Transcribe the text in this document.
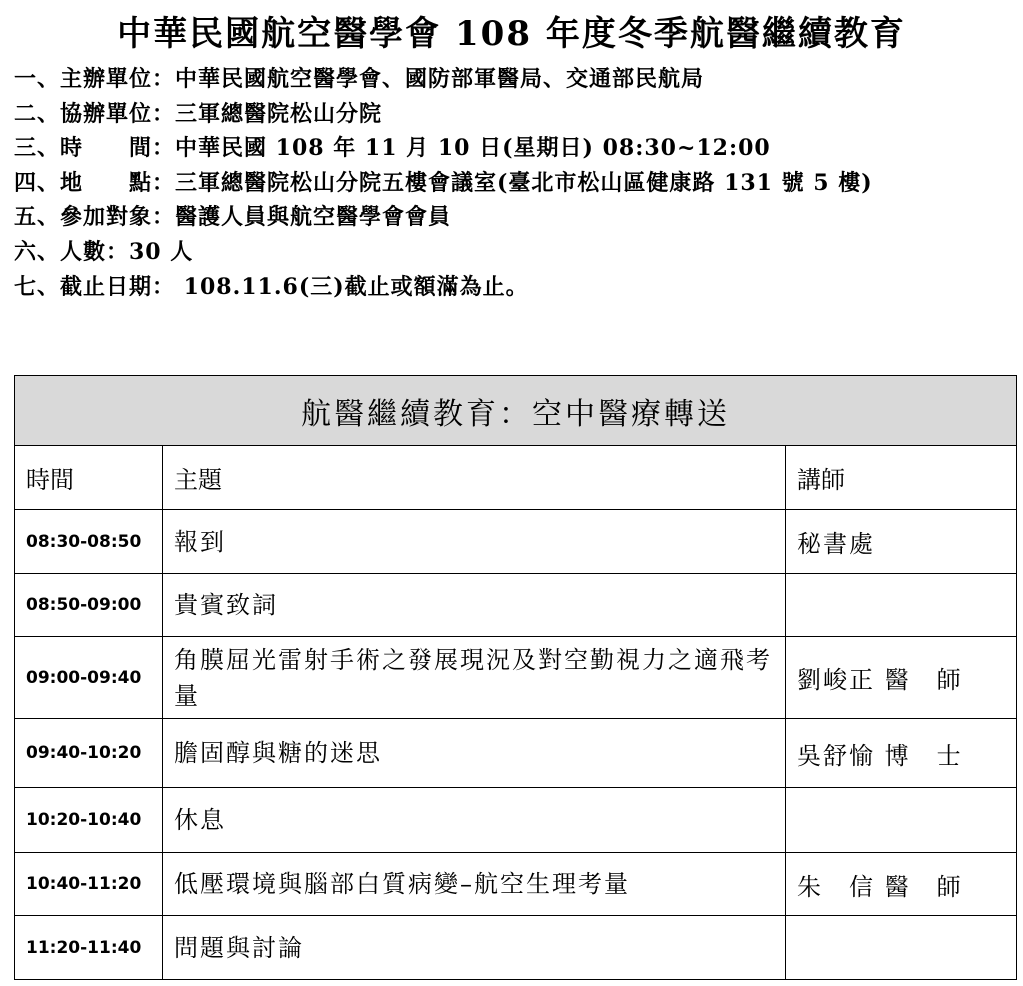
中華民國航空醫學會 108 年度冬季航醫繼續教育
一、主辦單位：中華民國航空醫學會、國防部軍醫局、交通部民航局
二、協辦單位：三軍總醫院松山分院
三、時　　間：中華民國 108 年 11 月 10 日(星期日) 08:30~12:00
四、地　　點：三軍總醫院松山分院五樓會議室(臺北市松山區健康路 131 號 5 樓)
五、參加對象：醫護人員與航空醫學會會員
六、人數：30 人
七、截止日期： 108.11.6(三)截止或額滿為止。
航醫繼續教育：空中醫療轉送		
時間	主題	講師
08:30-08:50	報到	秘書處
08:50-09:00	貴賓致詞	
09:00-09:40	角膜屈光雷射手術之發展現況及對空勤視力之適飛考量	劉峻正 醫　師
09:40-10:20	膽固醇與糖的迷思	吳舒愉 博　士
10:20-10:40	休息	
10:40-11:20	低壓環境與腦部白質病變–航空生理考量	朱　信 醫　師
11:20-11:40	問題與討論	
